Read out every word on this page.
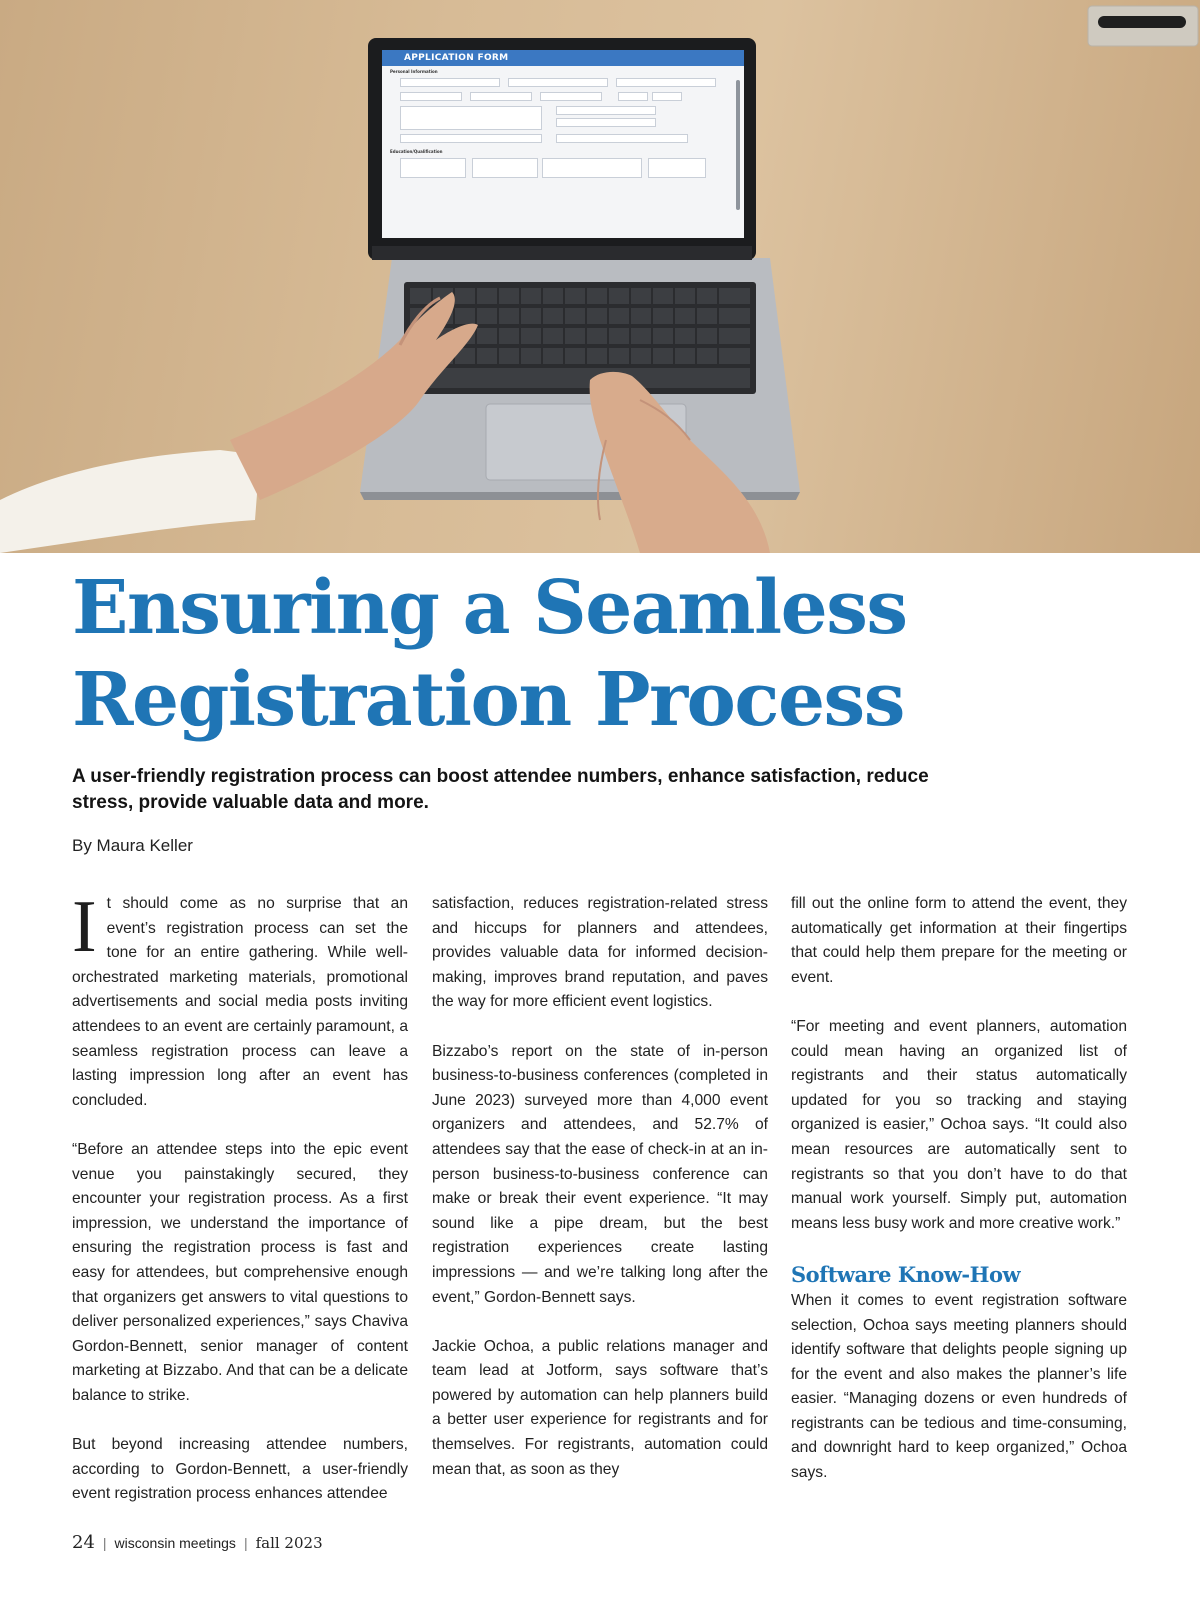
APPLICATION FORM
Personal Information
Education/Qualification
Ensuring a Seamless
Registration Process

A user-friendly registration process can boost attendee numbers, enhance satisfaction, reduce stress, provide valuable data and more.

By Maura Keller

It should come as no surprise that an event’s registration process can set the tone for an entire gathering. While well-orchestrated marketing materials, promotional advertisements and social media posts inviting attendees to an event are certainly paramount, a seamless registration process can leave a lasting impression long after an event has concluded.

“Before an attendee steps into the epic event venue you painstakingly secured, they encounter your registration process. As a first impression, we understand the importance of ensuring the registration process is fast and easy for attendees, but comprehensive enough that organizers get answers to vital questions to deliver personalized experiences,” says Chaviva Gordon-Bennett, senior manager of content marketing at Bizzabo. And that can be a delicate balance to strike.

But beyond increasing attendee numbers, according to Gordon-Bennett, a user-friendly event registration process enhances attendee

satisfaction, reduces registration-related stress and hiccups for planners and attendees, provides valuable data for informed decision-making, improves brand reputation, and paves the way for more efficient event logistics.

Bizzabo’s report on the state of in-person business-to-business conferences (completed in June 2023) surveyed more than 4,000 event organizers and attendees, and 52.7% of attendees say that the ease of check-in at an in-person business-to-business conference can make or break their event experience. “It may sound like a pipe dream, but the best registration experiences create lasting impressions — and we’re talking long after the event,” Gordon-Bennett says.

Jackie Ochoa, a public relations manager and team lead at Jotform, says software that’s powered by automation can help planners build a better user experience for registrants and for themselves. For registrants, automation could mean that, as soon as they

fill out the online form to attend the event, they automatically get information at their fingertips that could help them prepare for the meeting or event.

“For meeting and event planners, automation could mean having an organized list of registrants and their status automatically updated for you so tracking and staying organized is easier,” Ochoa says. “It could also mean resources are automatically sent to registrants so that you don’t have to do that manual work yourself. Simply put, automation means less busy work and more creative work.”

Software Know-How

When it comes to event registration software selection, Ochoa says meeting planners should identify software that delights people signing up for the event and also makes the planner’s life easier. “Managing dozens or even hundreds of registrants can be tedious and time-consuming, and downright hard to keep organized,” Ochoa says.

24 | wisconsin meetings | fall 2023
